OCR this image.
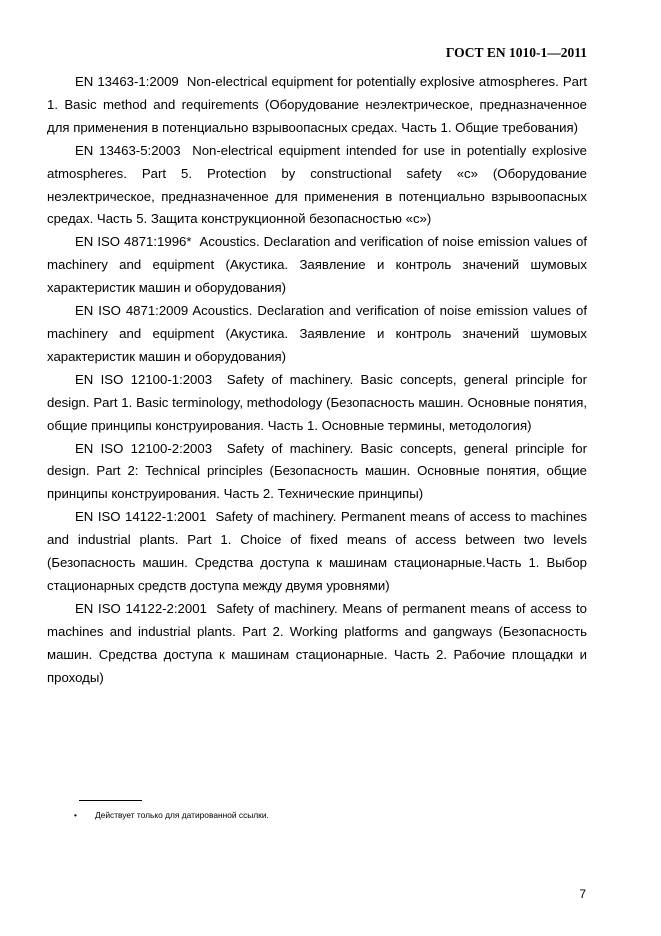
ГОСТ EN 1010-1—2011

EN 13463-1:2009 Non-electrical equipment for potentially explosive atmospheres. Part 1. Basic method and requirements (Оборудование неэлектрическое, предназначенное для применения в потенциально взрывоопасных средах. Часть 1. Общие требования)

EN 13463-5:2003 Non-electrical equipment intended for use in potentially explosive atmospheres. Part 5. Protection by constructional safety «c» (Оборудование неэлектрическое, предназначенное для применения в потенциально взрывоопасных средах. Часть 5. Защита конструкционной безопасностью «c»)

EN ISO 4871:1996* Acoustics. Declaration and verification of noise emission values of machinery and equipment (Акустика. Заявление и контроль значений шумовых характеристик машин и оборудования)

EN ISO 4871:2009 Acoustics. Declaration and verification of noise emission values of machinery and equipment (Акустика. Заявление и контроль значений шумовых характеристик машин и оборудования)

EN ISO 12100-1:2003 Safety of machinery. Basic concepts, general principle for design. Part 1. Basic terminology, methodology (Безопасность машин. Основные понятия, общие принципы конструирования. Часть 1. Основные термины, методология)

EN ISO 12100-2:2003 Safety of machinery. Basic concepts, general principle for design. Part 2: Technical principles (Безопасность машин. Основные понятия, общие принципы конструирования. Часть 2. Технические принципы)

EN ISO 14122-1:2001 Safety of machinery. Permanent means of access to machines and industrial plants. Part 1. Choice of fixed means of access between two levels (Безопасность машин. Средства доступа к машинам стационарные.Часть 1. Выбор стационарных средств доступа между двумя уровнями)

EN ISO 14122-2:2001 Safety of machinery. Means of permanent means of access to machines and industrial plants. Part 2. Working platforms and gangways (Безопасность машин. Средства доступа к машинам стационарные. Часть 2. Рабочие площадки и проходы)

• Действует только для датированной ссылки.
7
